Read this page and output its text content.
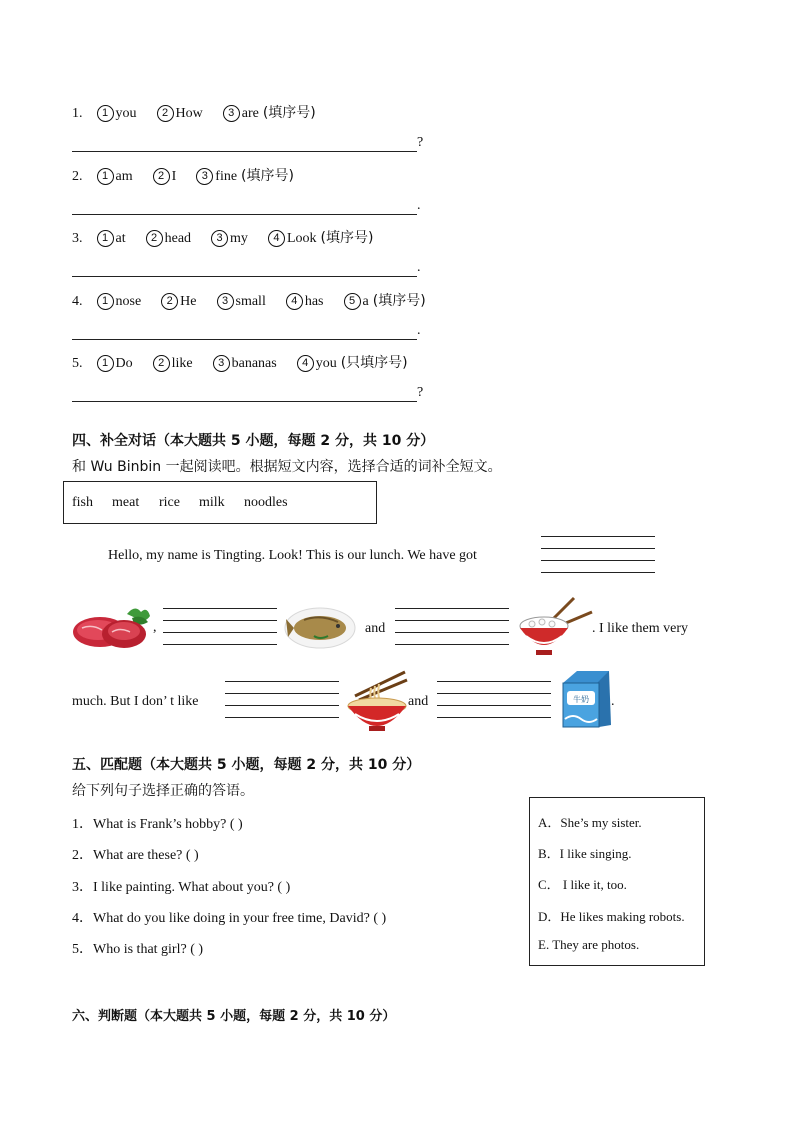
1. 1 you 2 How 3 are (填序号)
?
2. 1 am 2 I 3 fine (填序号)
.
3. 1 at 2 head 3 my 4 Look (填序号)
.
4. 1 nose 2 He 3 small 4 has 5 a (填序号)
.
5. 1 Do 2 like 3 bananas 4 you (只填序号)
?
四、补全对话（本大题共 5 小题，每题 2 分，共 10 分）
和 Wu Binbin 一起阅读吧。根据短文内容，选择合适的词补全短文。
fish meat rice milk noodles
Hello, my name is Tingting. Look! This is our lunch. We have got
,	and	. I like them very
much. But I don’ t like	and	牛奶 .
五、匹配题（本大题共 5 小题，每题 2 分，共 10 分）
给下列句子选择正确的答语。
1．What is Frank’s hobby? ( )
2．What are these? ( )
3．I like painting. What about you? ( )
4．What do you like doing in your free time, David? ( )
5．Who is that girl? ( )
A．She’s my sister.
B．I like singing.
C． I like it, too.
D．He likes making robots.
E. They are photos.
六、判断题（本大题共 5 小题，每题 2 分，共 10 分）
